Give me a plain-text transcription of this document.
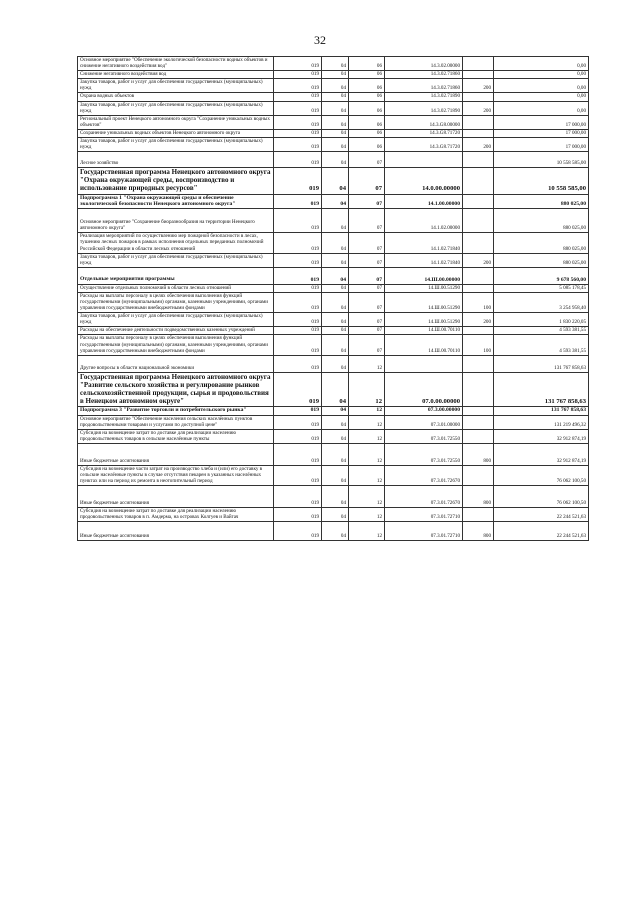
32
Основное мероприятие "Обеспечение экологической безопасности водных объектов и снижение негативного воздействия вод"	019	04	06	14.3.02.00000		0,00
Снижение негативного воздействия вод	019	04	06	14.3.02.71860		0,00
Закупка товаров, работ и услуг для обеспечения государственных (муниципальных) нужд	019	04	06	14.3.02.71860	200	0,00
Охрана водных объектов	019	04	06	14.3.02.71890		0,00
Закупка товаров, работ и услуг для обеспечения государственных (муниципальных) нужд	019	04	06	14.3.02.71890	200	0,00
Региональный проект Ненецкого автономного округа "Сохранение уникальных водных объектов"	019	04	06	14.3.G8.00000		17 000,00
Сохранение уникальных водных объектов Ненецкого автономного округа	019	04	06	14.3.G8.71720		17 000,00
Закупка товаров, работ и услуг для обеспечения государственных (муниципальных) нужд	019	04	06	14.3.G8.71720	200	17 000,00
Лесное хозяйство	019	04	07			10 558 585,00
Государственная программа Ненецкого автономного округа "Охрана окружающей среды, воспроизводство и использование природных ресурсов"	019	04	07	14.0.00.00000		10 558 585,00
Подпрограмма 1 "Охрана окружающей среды и обеспечение экологической безопасности Ненецкого автономного округа"	019	04	07	14.1.00.00000		880 025,00
Основное мероприятие "Сохранение биоразнообразия на территории Ненецкого автономного округа"	019	04	07	14.1.02.00000		880 025,00
Реализация мероприятий по осуществлению мер пожарной безопасности в лесах, тушению лесных пожаров в рамках исполнения отдельных переданных полномочий Российской Федерации в области лесных отношений	019	04	07	14.1.02.71840		880 025,00
Закупка товаров, работ и услуг для обеспечения государственных (муниципальных) нужд	019	04	07	14.1.02.71840	200	880 025,00
Отдельные мероприятия программы	019	04	07	14.Ш.00.00000		9 678 560,00
Осуществление отдельных полномочий в области лесных отношений	019	04	07	14.Ш.00.51290		5 085 178,45
Расходы на выплаты персоналу в целях обеспечения выполнения функций государственными (муниципальными) органами, казенными учреждениями, органами управления государственными внебюджетными фондами	019	04	07	14.Ш.00.51290	100	3 254 958,40
Закупка товаров, работ и услуг для обеспечения государственных (муниципальных) нужд	019	04	07	14.Ш.00.51290	200	1 830 220,05
Расходы на обеспечение деятельности подведомственных казенных учреждений	019	04	07	14.Ш.00.70110		4 593 381,55
Расходы на выплаты персоналу в целях обеспечения выполнения функций государственными (муниципальными) органами, казенными учреждениями, органами управления государственными внебюджетными фондами	019	04	07	14.Ш.00.70110	100	4 593 381,55
Другие вопросы в области национальной экономики	019	04	12			131 767 858,63
Государственная программа Ненецкого автономного округа "Развитие сельского хозяйства и регулирование рынков сельскохозяйственной продукции, сырья и продовольствия в Ненецком автономном округе"	019	04	12	07.0.00.00000		131 767 858,63
Подпрограмма 3 "Развитие торговли и потребительского рынка"	019	04	12	07.3.00.00000		131 767 858,63
Основное мероприятие "Обеспечение населения сельских населённых пунктов продовольственными товарами и услугами по доступной цене"	019	04	12	07.3.01.00000		131 219 496,32
Субсидия на возмещение затрат по доставке для реализации населению продовольственных товаров в сельские населённые пункты	019	04	12	07.3.01.72550		32 912 874,19
Иные бюджетные ассигнования	019	04	12	07.3.01.72550	800	32 912 874,19
Субсидия на возмещение части затрат на производство хлеба и (или) его доставку в сельские населённые пункты в случае отсутствия пекарен в указанных населённых пунктах или на период их ремонта в неотопительный период	019	04	12	07.3.01.72670		76 062 100,50
Иные бюджетные ассигнования	019	04	12	07.3.01.72670	800	76 062 100,50
Субсидия на возмещение затрат по доставке для реализации населению продовольственных товаров в п. Амдерма, на островах Колгуев и Вайгач	019	04	12	07.3.01.72710		22 244 521,63
Иные бюджетные ассигнования	019	04	12	07.3.01.72710	800	22 244 521,63
